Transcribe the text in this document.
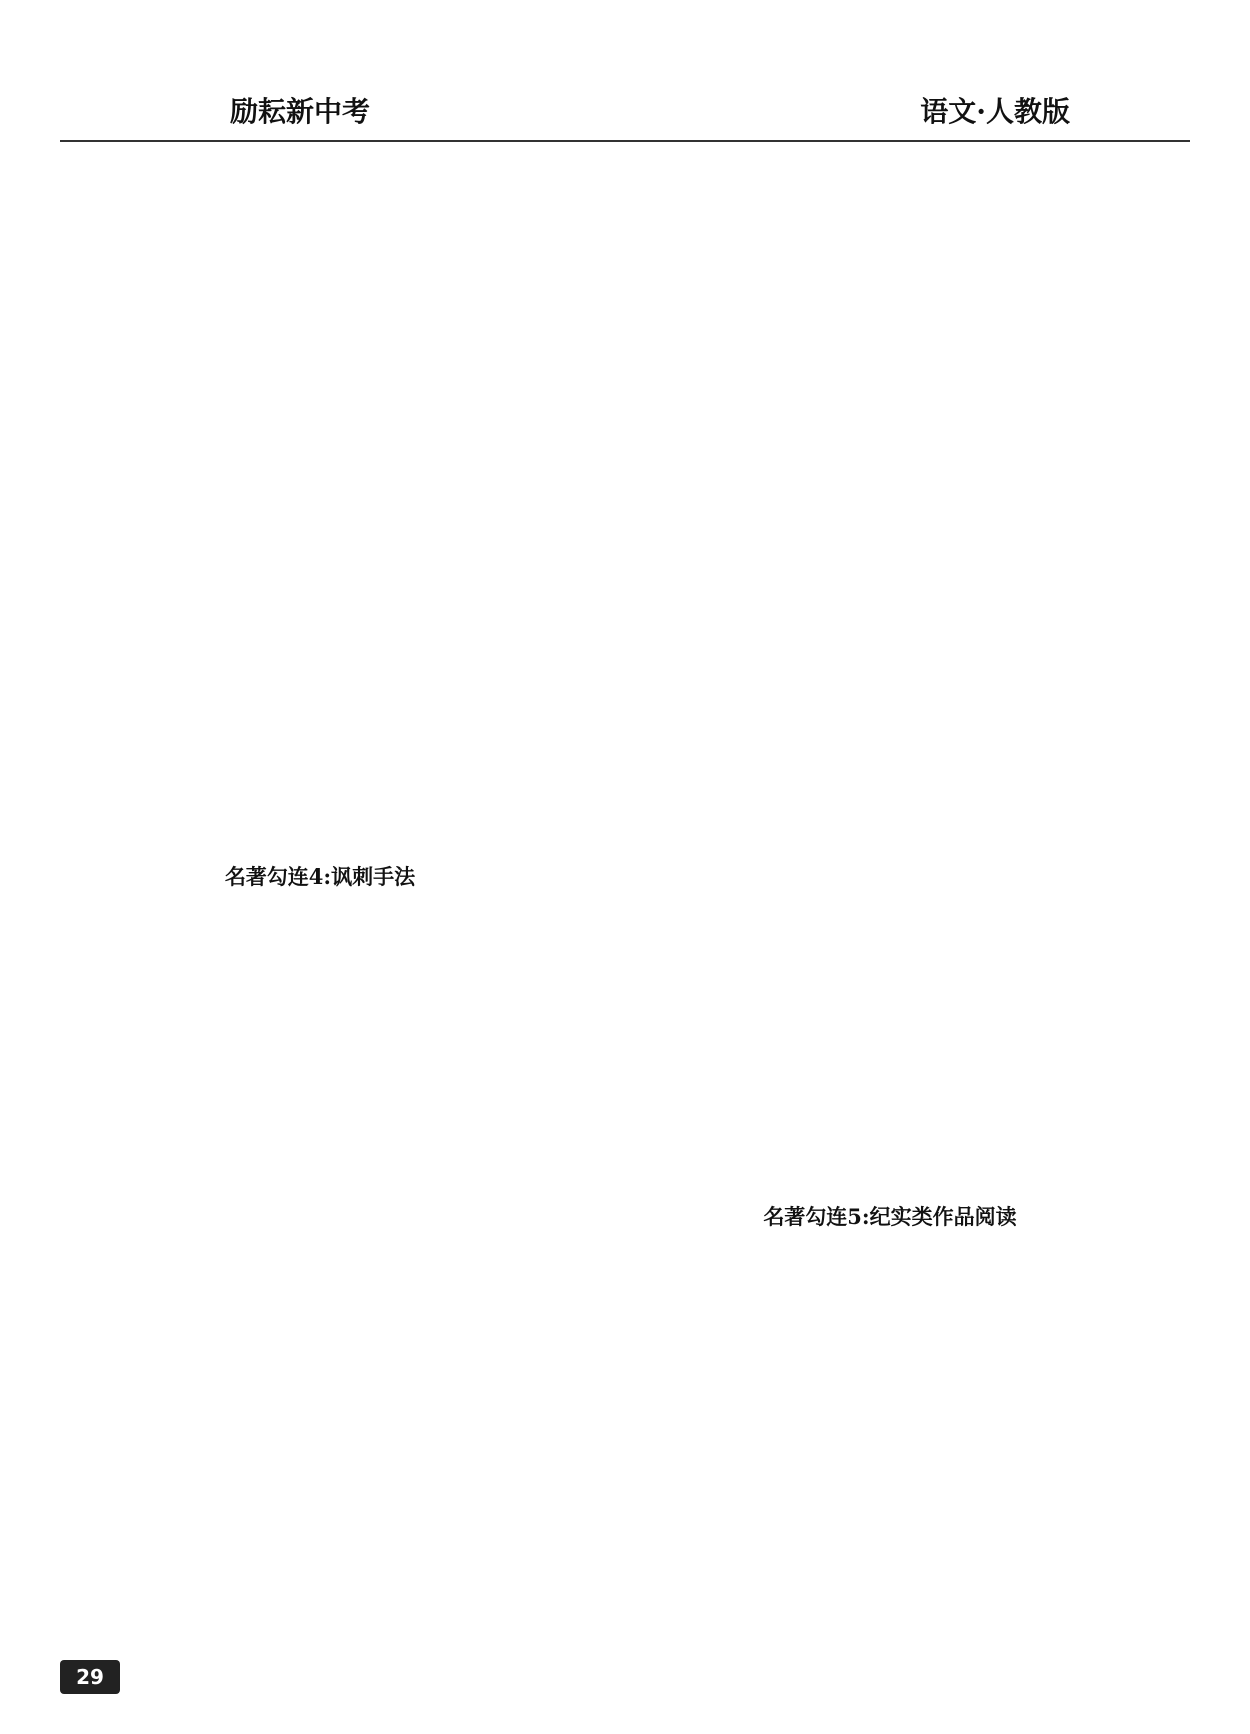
励耘新中考	语文·人教版
名著勾连4:讽刺手法
名著勾连5:纪实类作品阅读
29
